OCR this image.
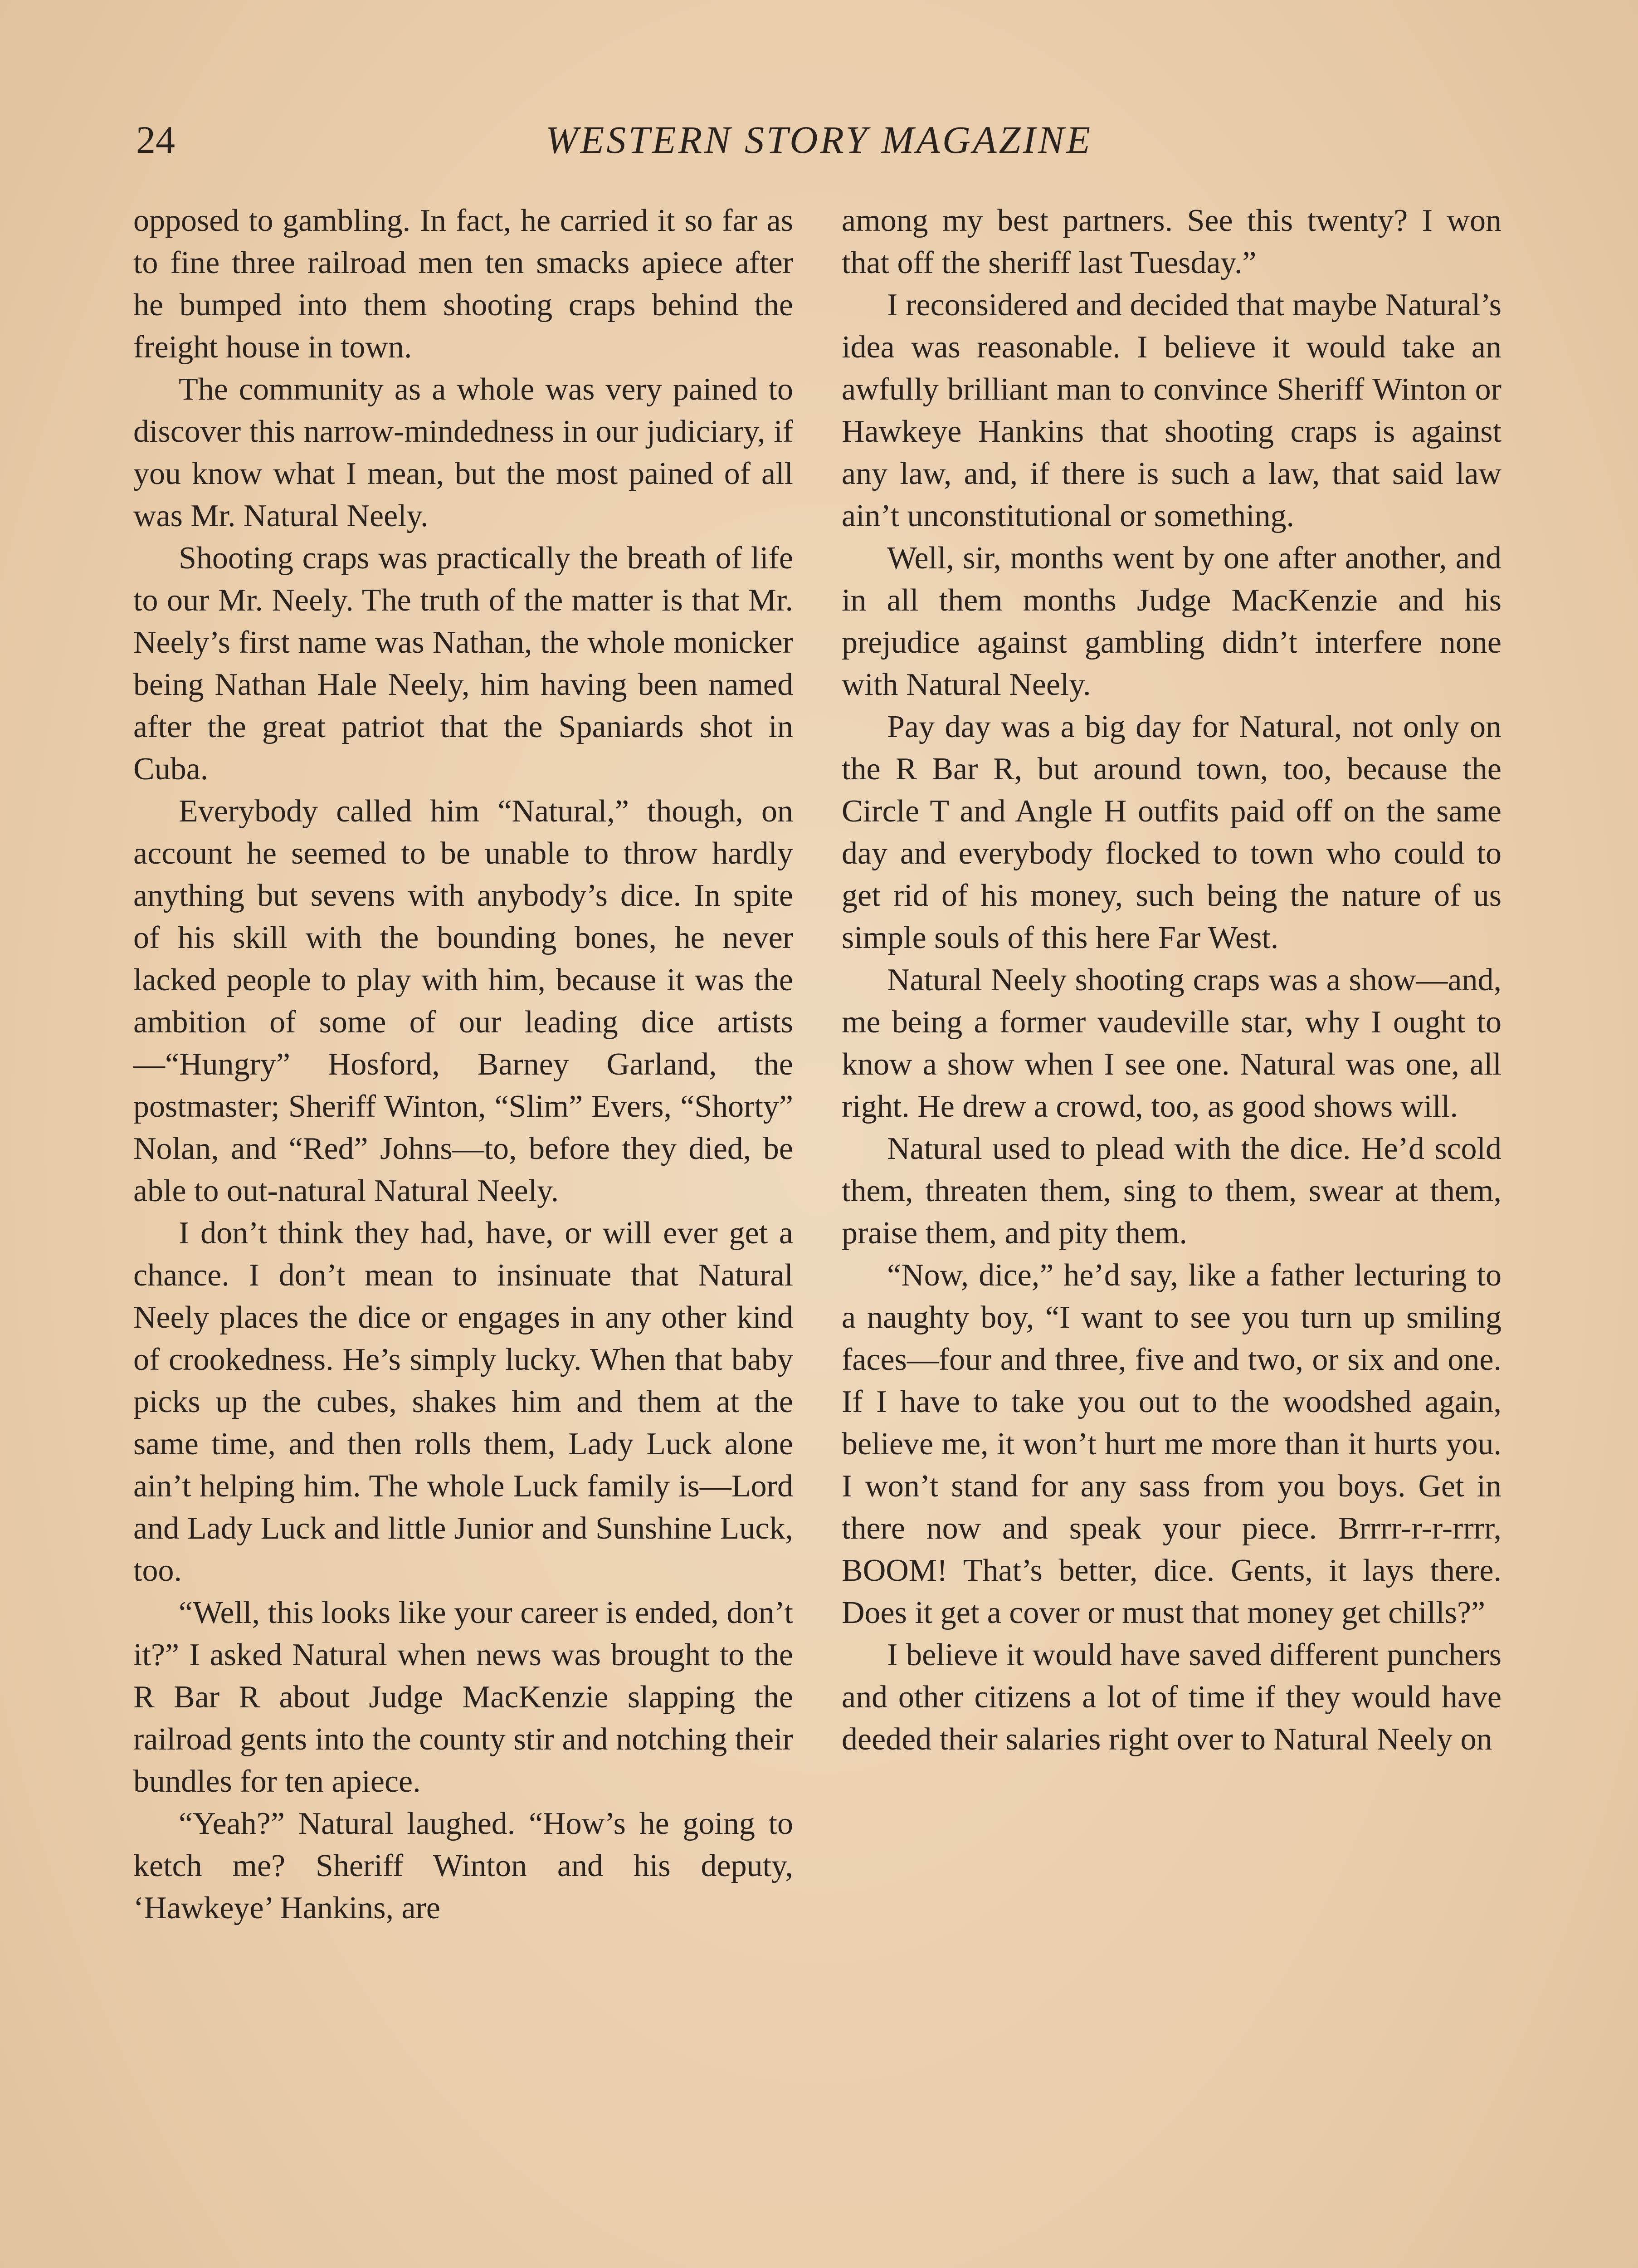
24	WESTERN STORY MAGAZINE

opposed to gambling. In fact, he carried it so far as to fine three railroad men ten smacks apiece after he bumped into them shooting craps behind the freight house in town.

The community as a whole was very pained to discover this narrow-mindedness in our judiciary, if you know what I mean, but the most pained of all was Mr. Natural Neely.

Shooting craps was practically the breath of life to our Mr. Neely. The truth of the matter is that Mr. Neely’s first name was Nathan, the whole monicker being Nathan Hale Neely, him having been named after the great patriot that the Spaniards shot in Cuba.

Everybody called him “Natural,” though, on account he seemed to be unable to throw hardly anything but sevens with anybody’s dice. In spite of his skill with the bounding bones, he never lacked people to play with him, because it was the ambition of some of our leading dice artists—“Hungry” Hosford, Barney Garland, the postmaster; Sheriff Winton, “Slim” Evers, “Shorty” Nolan, and “Red” Johns—to, before they died, be able to out-natural Natural Neely.

I don’t think they had, have, or will ever get a chance. I don’t mean to insinuate that Natural Neely places the dice or engages in any other kind of crookedness. He’s simply lucky. When that baby picks up the cubes, shakes him and them at the same time, and then rolls them, Lady Luck alone ain’t helping him. The whole Luck family is—Lord and Lady Luck and little Junior and Sunshine Luck, too.

“Well, this looks like your career is ended, don’t it?” I asked Natural when news was brought to the R Bar R about Judge MacKenzie slapping the railroad gents into the county stir and notching their bundles for ten apiece.

“Yeah?” Natural laughed. “How’s he going to ketch me? Sheriff Winton and his deputy, ‘Hawkeye’ Hankins, are

among my best partners. See this twenty? I won that off the sheriff last Tuesday.”

I reconsidered and decided that maybe Natural’s idea was reasonable. I believe it would take an awfully brilliant man to convince Sheriff Winton or Hawkeye Hankins that shooting craps is against any law, and, if there is such a law, that said law ain’t unconstitutional or something.

Well, sir, months went by one after another, and in all them months Judge MacKenzie and his prejudice against gambling didn’t interfere none with Natural Neely.

Pay day was a big day for Natural, not only on the R Bar R, but around town, too, because the Circle T and Angle H outfits paid off on the same day and everybody flocked to town who could to get rid of his money, such being the nature of us simple souls of this here Far West.

Natural Neely shooting craps was a show—and, me being a former vaudeville star, why I ought to know a show when I see one. Natural was one, all right. He drew a crowd, too, as good shows will.

Natural used to plead with the dice. He’d scold them, threaten them, sing to them, swear at them, praise them, and pity them.

“Now, dice,” he’d say, like a father lecturing to a naughty boy, “I want to see you turn up smiling faces—four and three, five and two, or six and one. If I have to take you out to the woodshed again, believe me, it won’t hurt me more than it hurts you. I won’t stand for any sass from you boys. Get in there now and speak your piece. Brrrr-r-r-rrrr, BOOM! That’s better, dice. Gents, it lays there. Does it get a cover or must that money get chills?”

I believe it would have saved different punchers and other citizens a lot of time if they would have deeded their salaries right over to Natural Neely on
